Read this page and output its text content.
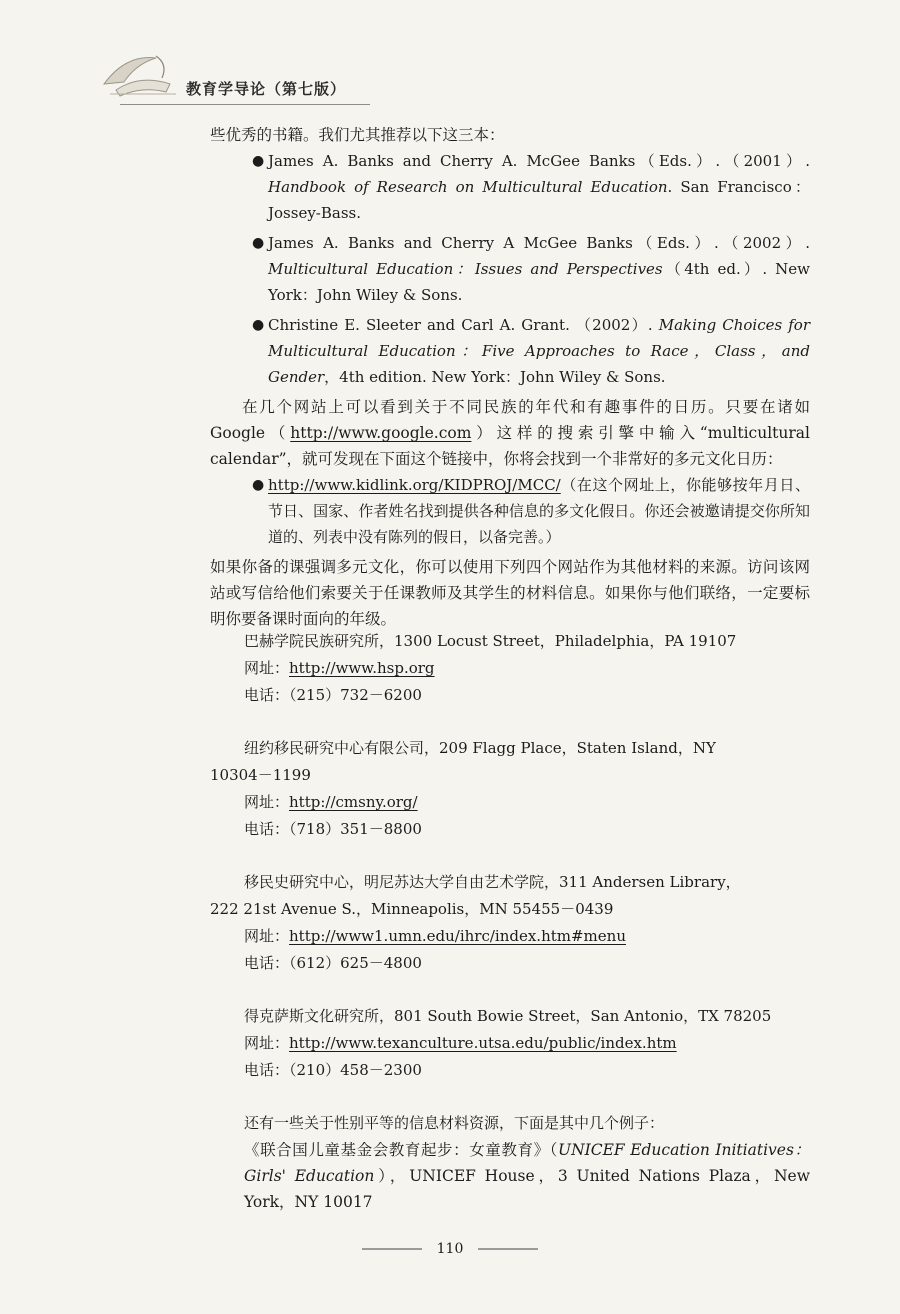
教育学导论（第七版）

些优秀的书籍。我们尤其推荐以下这三本：

● James A. Banks and Cherry A. McGee Banks（Eds.）.（2001）. Handbook of Research on Multicultural Education. San Francisco：Jossey-Bass.
● James A. Banks and Cherry A McGee Banks（Eds.）.（2002）. Multicultural Education：Issues and Perspectives（4th ed.）. New York：John Wiley & Sons.
● Christine E. Sleeter and Carl A. Grant. （2002）. Making Choices for Multicultural Education：Five Approaches to Race，Class，and Gender，4th edition. New York：John Wiley & Sons.

在几个网站上可以看到关于不同民族的年代和有趣事件的日历。只要在诸如 Google（http://www.google.com）这样的搜索引擎中输入“multicultural calendar”，就可发现在下面这个链接中，你将会找到一个非常好的多元文化日历：

● http://www.kidlink.org/KIDPROJ/MCC/（在这个网址上，你能够按年月日、节日、国家、作者姓名找到提供各种信息的多文化假日。你还会被邀请提交你所知道的、列表中没有陈列的假日，以备完善。）

如果你备的课强调多元文化，你可以使用下列四个网站作为其他材料的来源。访问该网站或写信给他们索要关于任课教师及其学生的材料信息。如果你与他们联络，一定要标明你要备课时面向的年级。

巴赫学院民族研究所，1300 Locust Street，Philadelphia，PA 19107

网址：http://www.hsp.org

电话：（215）732－6200

纽约移民研究中心有限公司，209 Flagg Place，Staten Island，NY

10304－1199

网址：http://cmsny.org/

电话：（718）351－8800

移民史研究中心，明尼苏达大学自由艺术学院，311 Andersen Library，

222 21st Avenue S.，Minneapolis，MN 55455－0439

网址：http://www1.umn.edu/ihrc/index.htm#menu

电话：（612）625－4800

得克萨斯文化研究所，801 South Bowie Street，San Antonio，TX 78205

网址：http://www.texanculture.utsa.edu/public/index.htm

电话：（210）458－2300

还有一些关于性别平等的信息材料资源，下面是其中几个例子：

《联合国儿童基金会教育起步：女童教育》（UNICEF Education Initiatives：Girls' Education），UNICEF House，3 United Nations Plaza，New York，NY 10017

110
